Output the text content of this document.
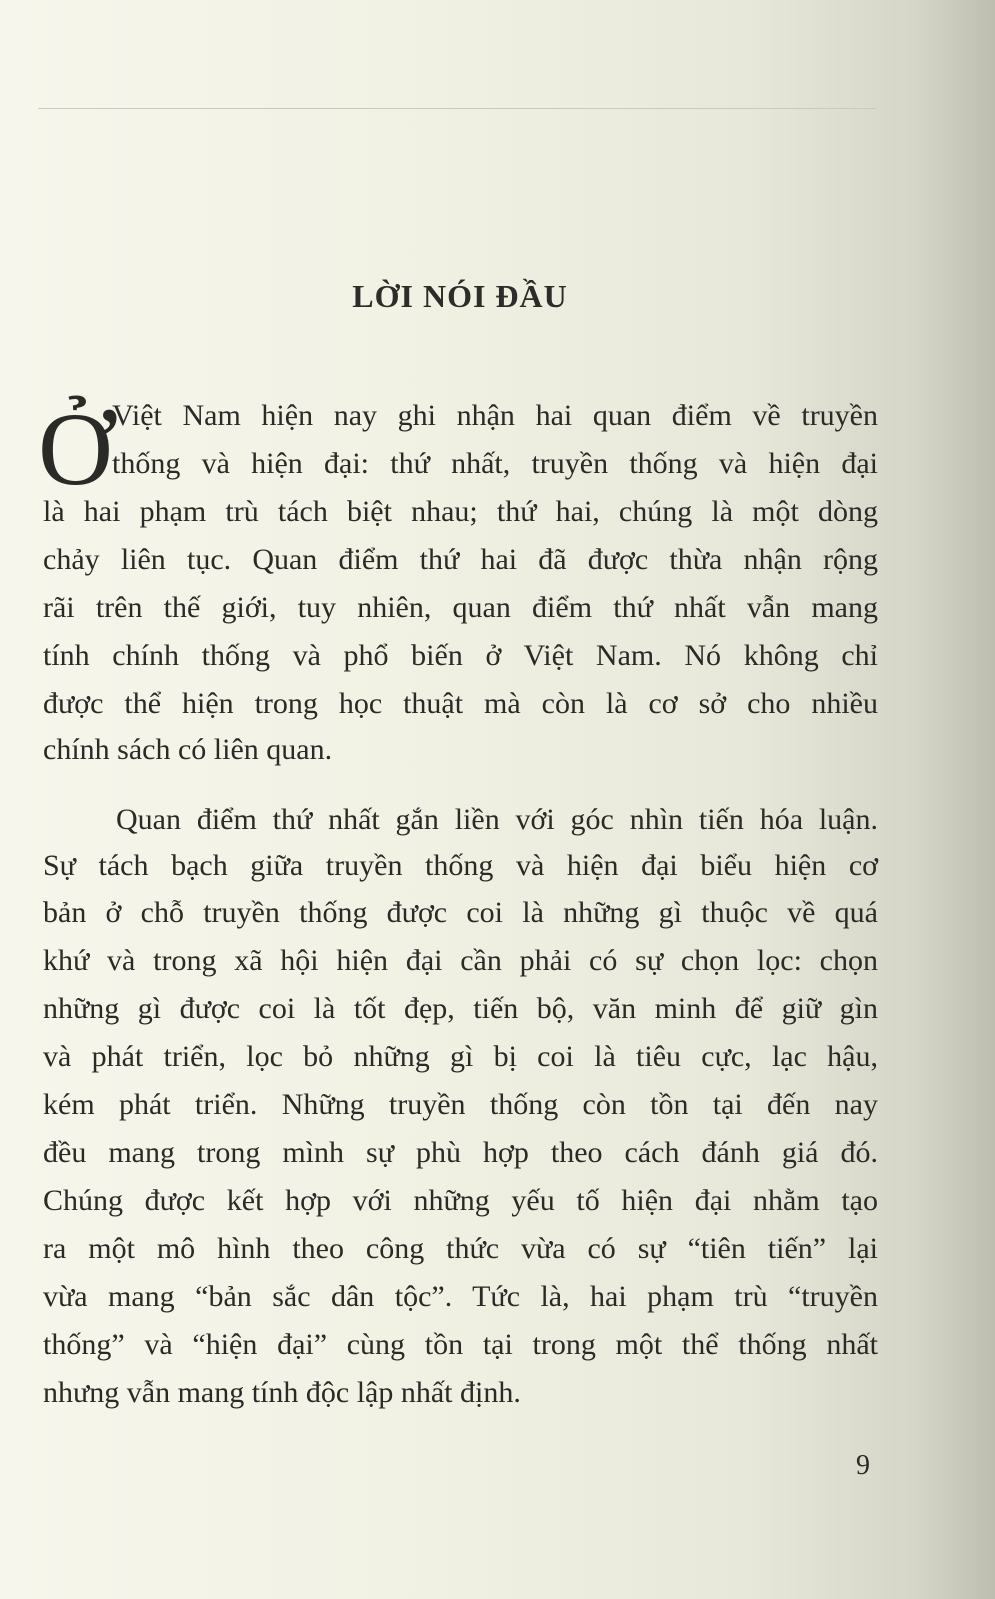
LỜI NÓI ĐẦU
Ở
Việt Nam hiện nay ghi nhận hai quan điểm về truyền
thống và hiện đại: thứ nhất, truyền thống và hiện đại
là hai phạm trù tách biệt nhau; thứ hai, chúng là một dòng
chảy liên tục. Quan điểm thứ hai đã được thừa nhận rộng
rãi trên thế giới, tuy nhiên, quan điểm thứ nhất vẫn mang
tính chính thống và phổ biến ở Việt Nam. Nó không chỉ
được thể hiện trong học thuật mà còn là cơ sở cho nhiều
chính sách có liên quan.
Quan điểm thứ nhất gắn liền với góc nhìn tiến hóa luận.
Sự tách bạch giữa truyền thống và hiện đại biểu hiện cơ
bản ở chỗ truyền thống được coi là những gì thuộc về quá
khứ và trong xã hội hiện đại cần phải có sự chọn lọc: chọn
những gì được coi là tốt đẹp, tiến bộ, văn minh để giữ gìn
và phát triển, lọc bỏ những gì bị coi là tiêu cực, lạc hậu,
kém phát triển. Những truyền thống còn tồn tại đến nay
đều mang trong mình sự phù hợp theo cách đánh giá đó.
Chúng được kết hợp với những yếu tố hiện đại nhằm tạo
ra một mô hình theo công thức vừa có sự “tiên tiến” lại
vừa mang “bản sắc dân tộc”. Tức là, hai phạm trù “truyền
thống” và “hiện đại” cùng tồn tại trong một thể thống nhất
nhưng vẫn mang tính độc lập nhất định.
9
